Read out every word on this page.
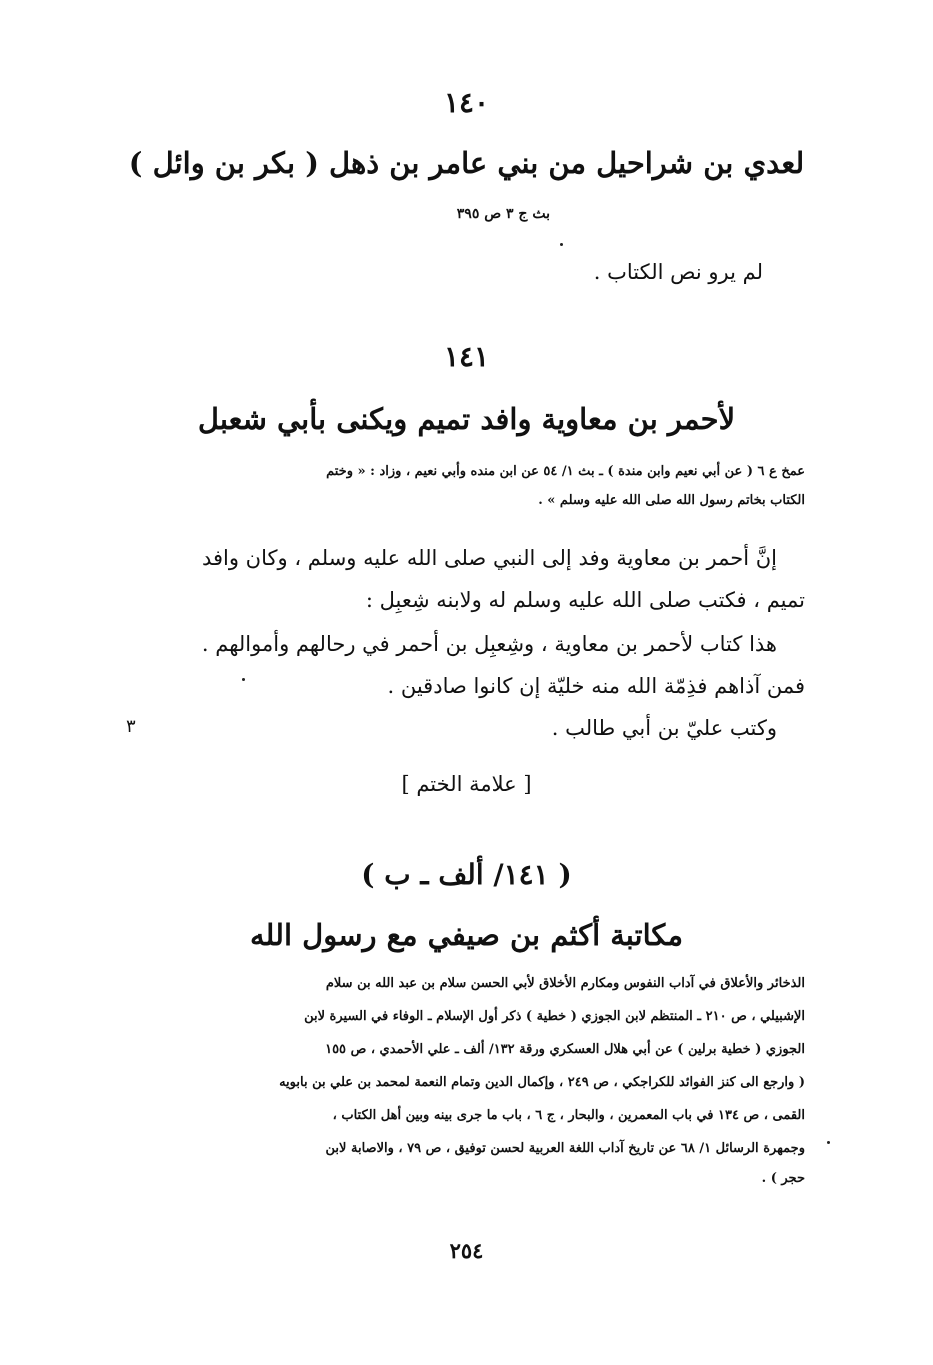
١٤٠
لعدي بن شراحيل من بني عامر بن ذهل ( بكر بن وائل )
بث ج ٣ ص ٣٩٥
لم يرو نص الكتاب .
١٤١
لأحمر بن معاوية وافد تميم ويكنى بأبي شعبل
عمخ ع ٦ ( عن أبي نعيم وابن مندة ) ـ بث ١/ ٥٤ عن ابن منده وأبي نعيم ، وزاد : « وختم
الكتاب بخاتم رسول الله صلى الله عليه وسلم » .
إنَّ أحمر بن معاوية وفد إلى النبي صلى الله عليه وسلم ، وكان وافد
تميم ، فكتب صلى الله عليه وسلم له ولابنه شِعبِل :
هذا كتاب لأحمر بن معاوية ، وشِعبِل بن أحمر في رحالهم وأموالهم .
فمن آذاهم فذِمّة الله منه خليّة إن كانوا صادقين .
وكتب عليّ بن أبي طالب .
٣
[ علامة الختم ]
( ١٤١/ ألف ـ ب )
مكاتبة أكثم بن صيفي مع رسول الله
الذخائر والأعلاق في آداب النفوس ومكارم الأخلاق لأبي الحسن سلام بن عبد الله بن سلام
الإشبيلي ، ص ٢١٠ ـ المنتظم لابن الجوزي ( خطية ) ذكر أول الإسلام ـ الوفاء في السيرة لابن
الجوزي ( خطية برلين ) عن أبي هلال العسكري ورقة ١٣٢/ ألف ـ علي الأحمدي ، ص ١٥٥
( وارجع الى كنز الفوائد للكراجكي ، ص ٢٤٩ ، وإكمال الدين وتمام النعمة لمحمد بن علي بن بابويه
القمى ، ص ١٣٤ في باب المعمرين ، والبحار ، ج ٦ ، باب ما جرى بينه وبين أهل الكتاب ،
وجمهرة الرسائل ١/ ٦٨ عن تاريخ آداب اللغة العربية لحسن توفيق ، ص ٧٩ ، والاصابة لابن
حجر ) .
٢٥٤
